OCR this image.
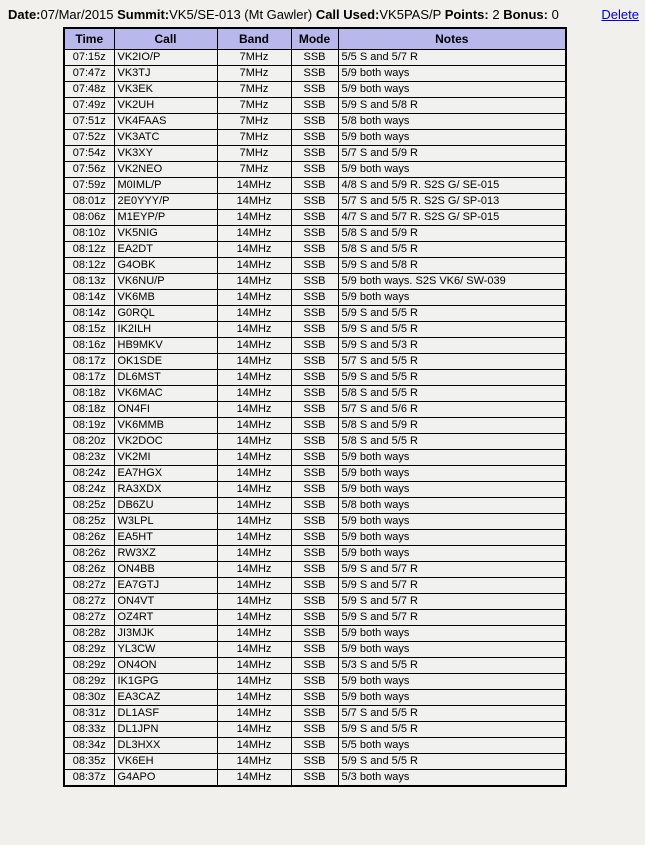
Date:07/Mar/2015 Summit:VK5/SE-013 (Mt Gawler) Call Used:VK5PAS/P Points: 2 Bonus: 0	Delete
Time	Call	Band	Mode	Notes
07:15z	VK2IO/P	7MHz	SSB	5/5 S and 5/7 R
07:47z	VK3TJ	7MHz	SSB	5/9 both ways
07:48z	VK3EK	7MHz	SSB	5/9 both ways
07:49z	VK2UH	7MHz	SSB	5/9 S and 5/8 R
07:51z	VK4FAAS	7MHz	SSB	5/8 both ways
07:52z	VK3ATC	7MHz	SSB	5/9 both ways
07:54z	VK3XY	7MHz	SSB	5/7 S and 5/9 R
07:56z	VK2NEO	7MHz	SSB	5/9 both ways
07:59z	M0IML/P	14MHz	SSB	4/8 S and 5/9 R. S2S G/ SE-015
08:01z	2E0YYY/P	14MHz	SSB	5/7 S and 5/5 R. S2S G/ SP-013
08:06z	M1EYP/P	14MHz	SSB	4/7 S and 5/7 R. S2S G/ SP-015
08:10z	VK5NIG	14MHz	SSB	5/8 S and 5/9 R
08:12z	EA2DT	14MHz	SSB	5/8 S and 5/5 R
08:12z	G4OBK	14MHz	SSB	5/9 S and 5/8 R
08:13z	VK6NU/P	14MHz	SSB	5/9 both ways. S2S VK6/ SW-039
08:14z	VK6MB	14MHz	SSB	5/9 both ways
08:14z	G0RQL	14MHz	SSB	5/9 S and 5/5 R
08:15z	IK2ILH	14MHz	SSB	5/9 S and 5/5 R
08:16z	HB9MKV	14MHz	SSB	5/9 S and 5/3 R
08:17z	OK1SDE	14MHz	SSB	5/7 S and 5/5 R
08:17z	DL6MST	14MHz	SSB	5/9 S and 5/5 R
08:18z	VK6MAC	14MHz	SSB	5/8 S and 5/5 R
08:18z	ON4FI	14MHz	SSB	5/7 S and 5/6 R
08:19z	VK6MMB	14MHz	SSB	5/8 S and 5/9 R
08:20z	VK2DOC	14MHz	SSB	5/8 S and 5/5 R
08:23z	VK2MI	14MHz	SSB	5/9 both ways
08:24z	EA7HGX	14MHz	SSB	5/9 both ways
08:24z	RA3XDX	14MHz	SSB	5/9 both ways
08:25z	DB6ZU	14MHz	SSB	5/8 both ways
08:25z	W3LPL	14MHz	SSB	5/9 both ways
08:26z	EA5HT	14MHz	SSB	5/9 both ways
08:26z	RW3XZ	14MHz	SSB	5/9 both ways
08:26z	ON4BB	14MHz	SSB	5/9 S and 5/7 R
08:27z	EA7GTJ	14MHz	SSB	5/9 S and 5/7 R
08:27z	ON4VT	14MHz	SSB	5/9 S and 5/7 R
08:27z	OZ4RT	14MHz	SSB	5/9 S and 5/7 R
08:28z	JI3MJK	14MHz	SSB	5/9 both ways
08:29z	YL3CW	14MHz	SSB	5/9 both ways
08:29z	ON4ON	14MHz	SSB	5/3 S and 5/5 R
08:29z	IK1GPG	14MHz	SSB	5/9 both ways
08:30z	EA3CAZ	14MHz	SSB	5/9 both ways
08:31z	DL1ASF	14MHz	SSB	5/7 S and 5/5 R
08:33z	DL1JPN	14MHz	SSB	5/9 S and 5/5 R
08:34z	DL3HXX	14MHz	SSB	5/5 both ways
08:35z	VK6EH	14MHz	SSB	5/9 S and 5/5 R
08:37z	G4APO	14MHz	SSB	5/3 both ways
